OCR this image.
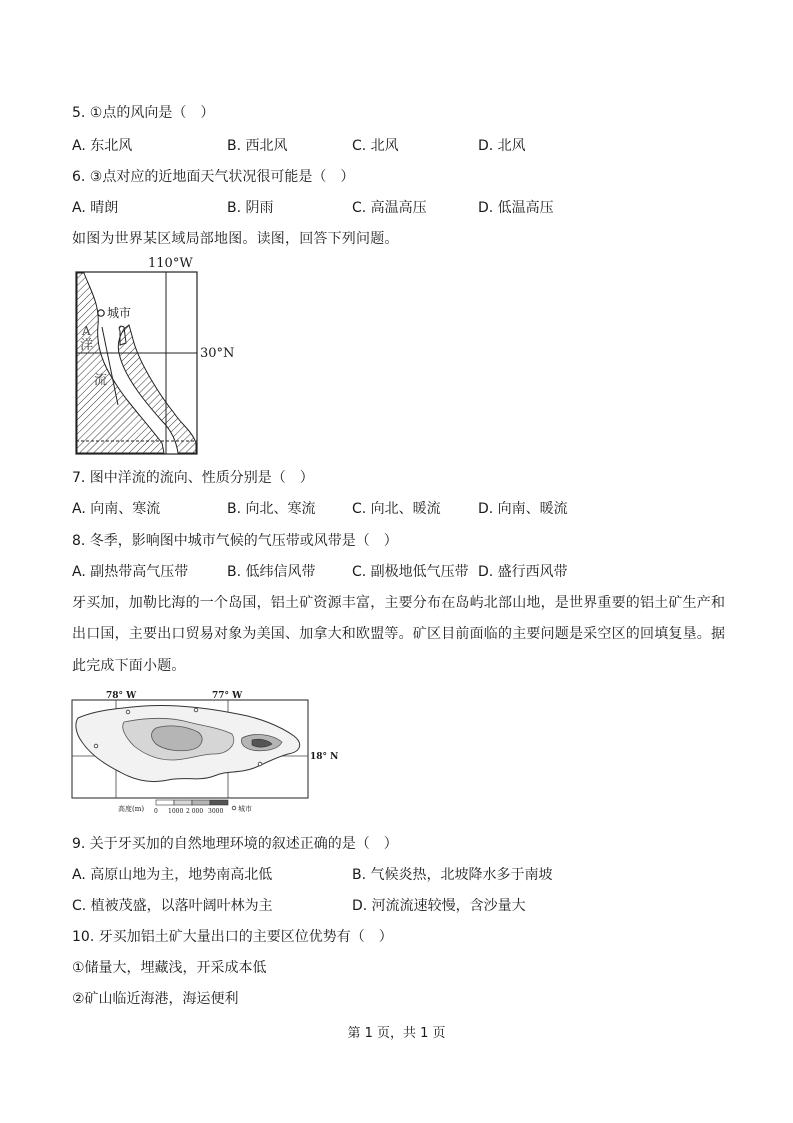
5. ①点的风向是（　）
A. 东北风	B. 西北风	C. 北风	D. 北风
6. ③点对应的近地面天气状况很可能是（　）
A. 晴朗	B. 阴雨	C. 高温高压	D. 低温高压
如图为世界某区域局部地图。读图，回答下列问题。
110°W
城市
30°N
A
洋
流
7. 图中洋流的流向、性质分别是（　）
A. 向南、寒流	B. 向北、寒流	C. 向北、暖流	D. 向南、暖流
8. 冬季，影响图中城市气候的气压带或风带是（　）
A. 副热带高气压带	B. 低纬信风带	C. 副极地低气压带 D. 盛行西风带
牙买加，加勒比海的一个岛国，铝土矿资源丰富，主要分布在岛屿北部山地，是世界重要的铝土矿生产和
出口国，主要出口贸易对象为美国、加拿大和欧盟等。矿区目前面临的主要问题是采空区的回填复垦。据
此完成下面小题。
78° W	77° W
18° N
高度(m) 0 1000 2 000 3000 城市
9. 关于牙买加的自然地理环境的叙述正确的是（　）
A. 高原山地为主，地势南高北低	B. 气候炎热，北坡降水多于南坡
C. 植被茂盛，以落叶阔叶林为主	D. 河流流速较慢，含沙量大
10. 牙买加铝土矿大量出口的主要区位优势有（　）
①储量大，埋藏浅，开采成本低
②矿山临近海港，海运便利
第 1 页，共 1 页
